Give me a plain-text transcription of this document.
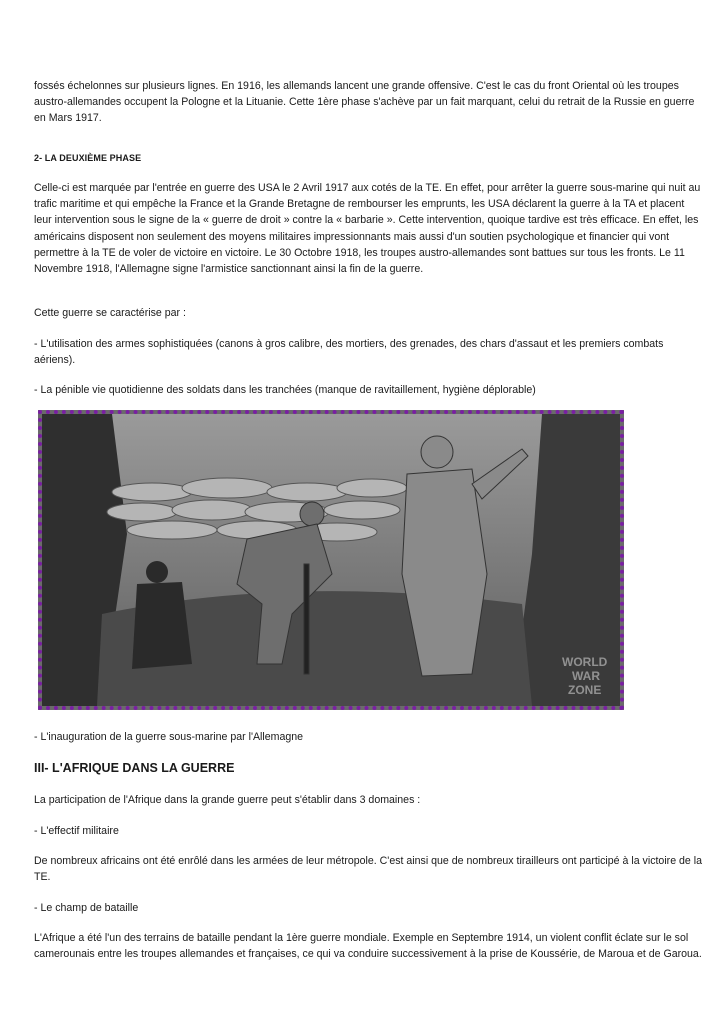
fossés échelonnes sur plusieurs lignes. En 1916, les allemands lancent une grande offensive. C'est le cas du front Oriental où les troupes austro-allemandes occupent la Pologne et la Lituanie. Cette 1ère phase s'achève par un fait marquant, celui du retrait de la Russie en guerre en Mars 1917.

2- LA DEUXIÈME PHASE

Celle-ci est marquée par l'entrée en guerre des USA le 2 Avril 1917 aux cotés de la TE. En effet, pour arrêter la guerre sous-marine qui nuit au trafic maritime et qui empêche la France et la Grande Bretagne de rembourser les emprunts, les USA déclarent la guerre à la TA et placent leur intervention sous le signe de la « guerre de droit » contre la « barbarie ». Cette intervention, quoique tardive est très efficace. En effet, les américains disposent non seulement des moyens militaires impressionnants mais aussi d'un soutien psychologique et financier qui vont permettre à la TE de voler de victoire en victoire. Le 30 Octobre 1918, les troupes austro-allemandes sont battues sur tous les fronts. Le 11 Novembre 1918, l'Allemagne signe l'armistice sanctionnant ainsi la fin de la guerre.

Cette guerre se caractérise par :

- L'utilisation des armes sophistiquées (canons à gros calibre, des mortiers, des grenades, des chars d'assaut et les premiers combats aériens).

- La pénible vie quotidienne des soldats dans les tranchées (manque de ravitaillement, hygiène déplorable)

WORLD
WAR
ZONE

- L'inauguration de la guerre sous-marine par l'Allemagne

III- L'AFRIQUE DANS LA GUERRE

La participation de l'Afrique dans la grande guerre peut s'établir dans 3 domaines :

- L'effectif militaire

De nombreux africains ont été enrôlé dans les armées de leur métropole. C'est ainsi que de nombreux tirailleurs ont participé à la victoire de la TE.

- Le champ de bataille

L'Afrique a été l'un des terrains de bataille pendant la 1ère guerre mondiale. Exemple en Septembre 1914, un violent conflit éclate sur le sol camerounais entre les troupes allemandes et françaises, ce qui va conduire successivement à la prise de Koussérie, de Maroua et de Garoua.
